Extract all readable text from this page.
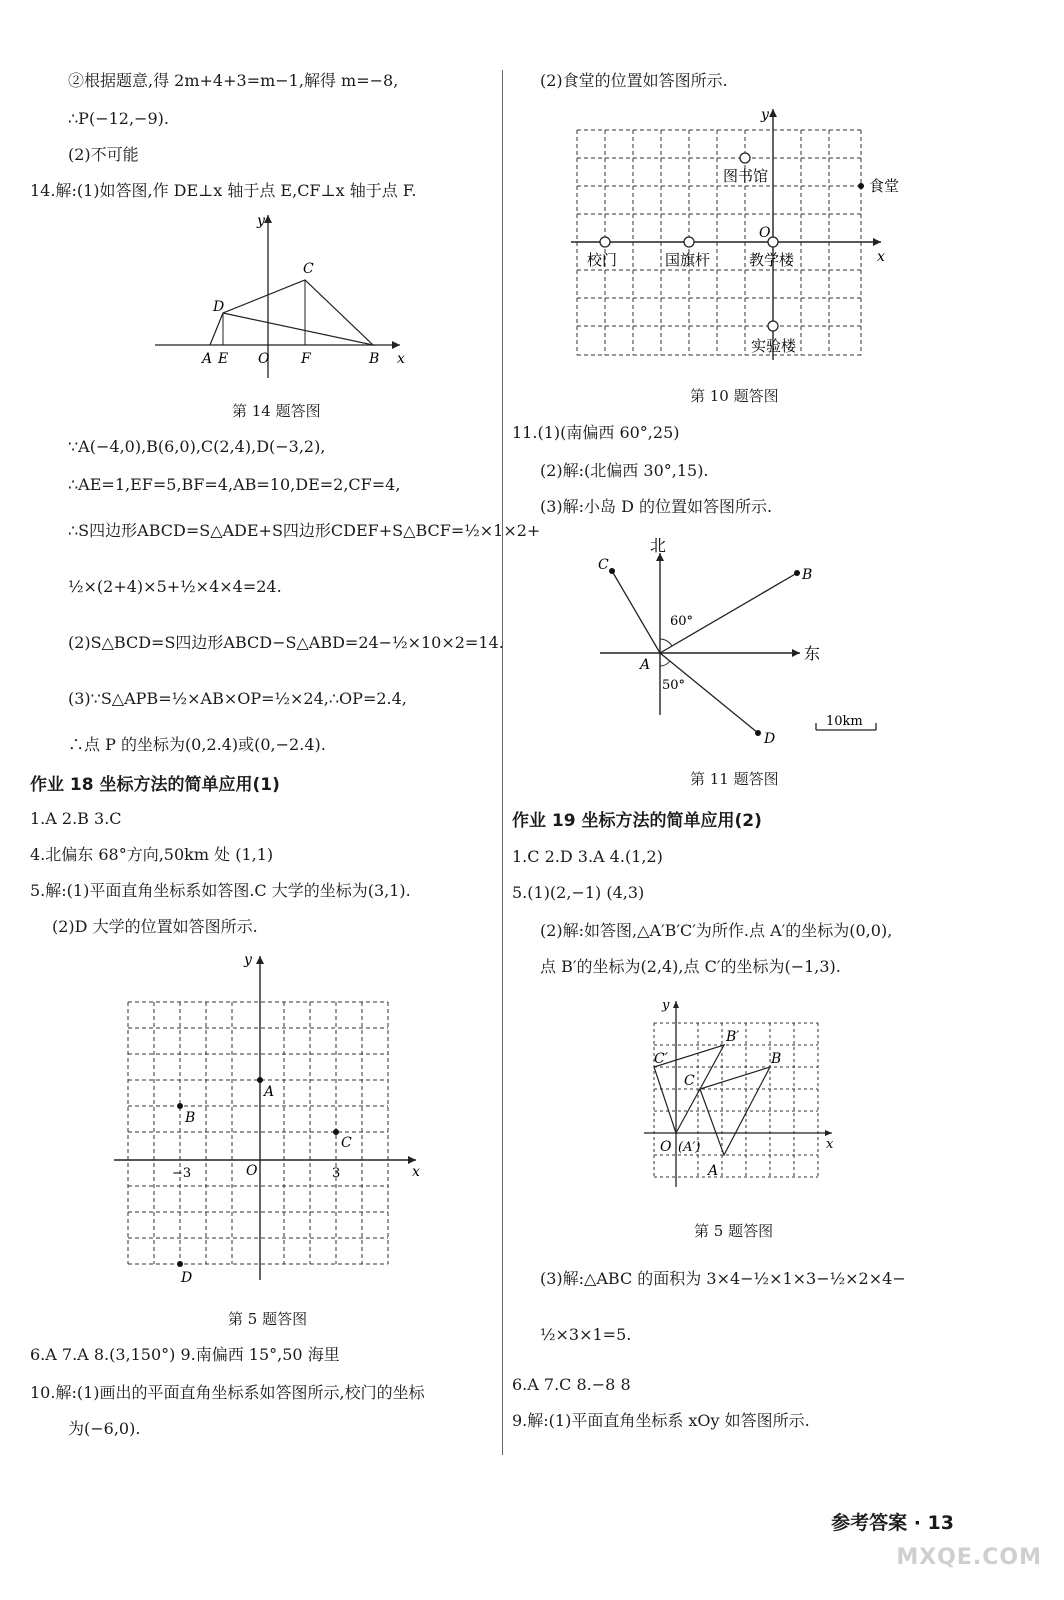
②根据题意,得 2m+4+3=m−1,解得 m=−8,
∴P(−12,−9).
(2)不可能
14.解:(1)如答图,作 DE⊥x 轴于点 E,CF⊥x 轴于点 F.
y
x
C
D
A E O F	B
第 14 题答图
∵A(−4,0),B(6,0),C(2,4),D(−3,2),
∴AE=1,EF=5,BF=4,AB=10,DE=2,CF=4,
∴S四边形ABCD=S△ADE+S四边形CDEF+S△BCF=½×1×2+
½×(2+4)×5+½×4×4=24.
(2)S△BCD=S四边形ABCD−S△ABD=24−½×10×2=14.
(3)∵S△APB=½×AB×OP=½×24,∴OP=2.4,
∴点 P 的坐标为(0,2.4)或(0,−2.4).
作业 18 坐标方法的简单应用(1)
1.A 2.B 3.C
4.北偏东 68°方向,50km 处 (1,1)
5.解:(1)平面直角坐标系如答图.C 大学的坐标为(3,1).
(2)D 大学的位置如答图所示.
y
x
O
A
B
C
D
−3	3
第 5 题答图
6.A 7.A 8.(3,150°) 9.南偏西 15°,50 海里
10.解:(1)画出的平面直角坐标系如答图所示,校门的坐标
为(−6,0).
(2)食堂的位置如答图所示.
y
x
O
图书馆
食堂
校门	国旗杆	教学楼
实验楼
第 10 题答图
11.(1)(南偏西 60°,25)
(2)解:(北偏西 30°,15).
(3)解:小岛 D 的位置如答图所示.
北
东
A
B
C
D
60°
50°
10km
第 11 题答图
作业 19 坐标方法的简单应用(2)
1.C 2.D 3.A 4.(1,2)
5.(1)(2,−1) (4,3)
(2)解:如答图,△A′B′C′为所作.点 A′的坐标为(0,0),
点 B′的坐标为(2,4),点 C′的坐标为(−1,3).
y
x
O (A′)
A
B
C
B′
C′
第 5 题答图
(3)解:△ABC 的面积为 3×4−½×1×3−½×2×4−
½×3×1=5.
6.A 7.C 8.−8 8
9.解:(1)平面直角坐标系 xOy 如答图所示.
参考答案 · 13
MXQE.COM
